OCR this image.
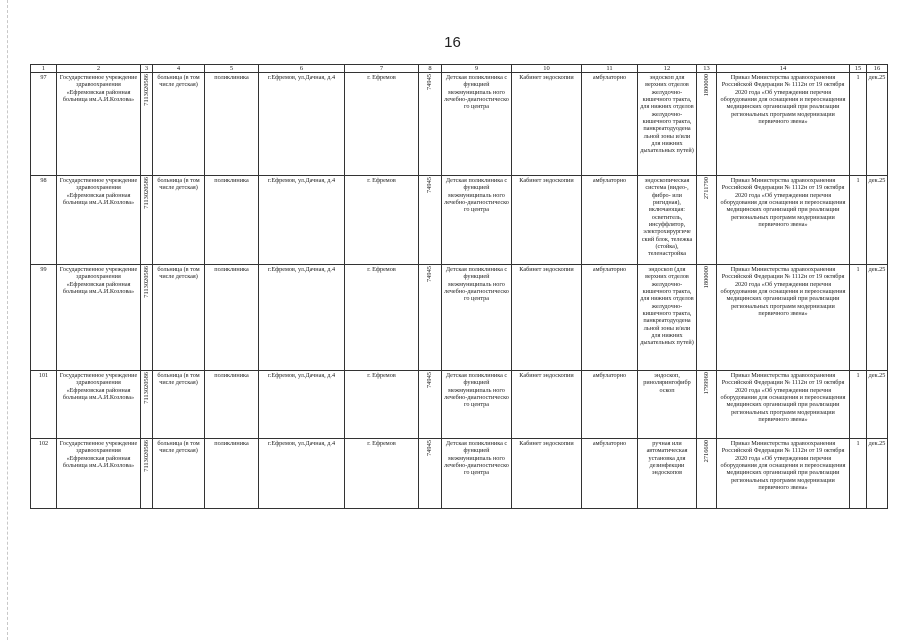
16
1	2	3	4	5	6	7	8	9	10	11	12	13	14	15	16
97	Государственное учреждение здравоохранения «Ефремовская районная больница им.А.И.Козлова»	7113020586	больница (в том числе детская)	поликлиника	г.Ефремов, ул.Дачная, д.4	г. Ефремов	74945	Детская поликлиника с функцией межмуниципаль ного лечебно-диагностическо го центра	Кабинет эндоскопии	амбулаторно	эндоскоп для верхних отделов желудочно-кишечного тракта, для нижних отделов желудочно-кишечного тракта, панкреатодуодена льной зоны и/или для нижних дыхательных путей)	1800000	Приказ Министерства здравоохранения Российской Федерации № 1112н от 19 октября 2020 года «Об утверждении перечня оборудования для оснащения и переоснащения медицинских организаций при реализации региональных программ модернизации первичного звена»	1	дек.25
98	Государственное учреждение здравоохранения «Ефремовская районная больница им.А.И.Козлова»	7113020586	больница (в том числе детская)	поликлиника	г.Ефремов, ул.Дачная, д.4	г. Ефремов	74945	Детская поликлиника с функцией межмуниципаль ного лечебно-диагностическо го центра	Кабинет эндоскопии	амбулаторно	эндоскопическая система (видео-, фибро- или ригидная), включающая: осветитель, инсуффлятор, электрохирургиче ский блок, тележка (стойка), теленастройка	2711790	Приказ Министерства здравоохранения Российской Федерации № 1112н от 19 октября 2020 года «Об утверждении перечня оборудования для оснащения и переоснащения медицинских организаций при реализации региональных программ модернизации первичного звена»	1	дек.25
99	Государственное учреждение здравоохранения «Ефремовская районная больница им.А.И.Козлова»	7113020586	больница (в том числе детская)	поликлиника	г.Ефремов, ул.Дачная, д.4	г. Ефремов	74945	Детская поликлиника с функцией межмуниципаль ного лечебно-диагностическо го центра	Кабинет эндоскопии	амбулаторно	эндоскоп (для верхних отделов желудочно-кишечного тракта, для нижних отделов желудочно-кишечного тракта, панкреатодуодена льной зоны и/или для нижних дыхательных путей)	1800000	Приказ Министерства здравоохранения Российской Федерации № 1112н от 19 октября 2020 года «Об утверждении перечня оборудования для оснащения и переоснащения медицинских организаций при реализации региональных программ модернизации первичного звена»	1	дек.25
101	Государственное учреждение здравоохранения «Ефремовская районная больница им.А.И.Козлова»	7113020586	больница (в том числе детская)	поликлиника	г.Ефремов, ул.Дачная, д.4	г. Ефремов	74945	Детская поликлиника с функцией межмуниципаль ного лечебно-диагностическо го центра	Кабинет эндоскопии	амбулаторно	эндоскоп, ринолярингофибр оскоп	1799960	Приказ Министерства здравоохранения Российской Федерации № 1112н от 19 октября 2020 года «Об утверждении перечня оборудования для оснащения и переоснащения медицинских организаций при реализации региональных программ модернизации первичного звена»	1	дек.25
102	Государственное учреждение здравоохранения «Ефремовская районная больница им.А.И.Козлова»	7113020586	больница (в том числе детская)	поликлиника	г.Ефремов, ул.Дачная, д.4	г. Ефремов	74945	Детская поликлиника с функцией межмуниципаль ного лечебно-диагностическо го центра	Кабинет эндоскопии	амбулаторно	ручная или автоматическая установка для дезинфекции эндоскопов	2716600	Приказ Министерства здравоохранения Российской Федерации № 1112н от 19 октября 2020 года «Об утверждении перечня оборудования для оснащения и переоснащения медицинских организаций при реализации региональных программ модернизации первичного звена»	1	дек.25
